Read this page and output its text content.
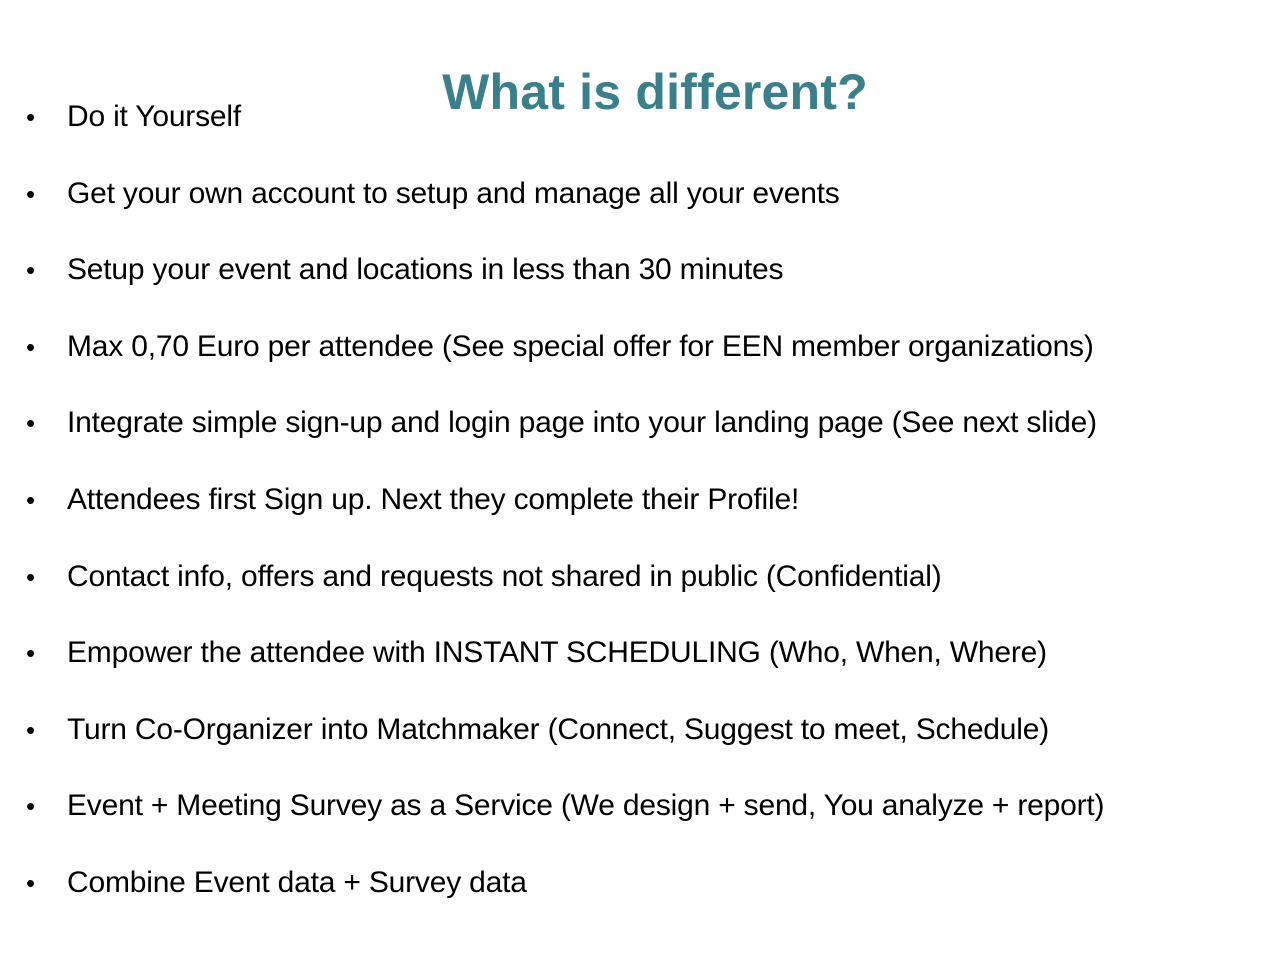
What is different?
• Do it Yourself
• Get your own account to setup and manage all your events
• Setup your event and locations in less than 30 minutes
• Max 0,70 Euro per attendee (See special offer for EEN member organizations)
• Integrate simple sign-up and login page into your landing page (See next slide)
• Attendees first Sign up. Next they complete their Profile!
• Contact info, offers and requests not shared in public (Confidential)
• Empower the attendee with INSTANT SCHEDULING (Who, When, Where)
• Turn Co-Organizer into Matchmaker (Connect, Suggest to meet, Schedule)
• Event + Meeting Survey as a Service (We design + send, You analyze + report)
• Combine Event data + Survey data
